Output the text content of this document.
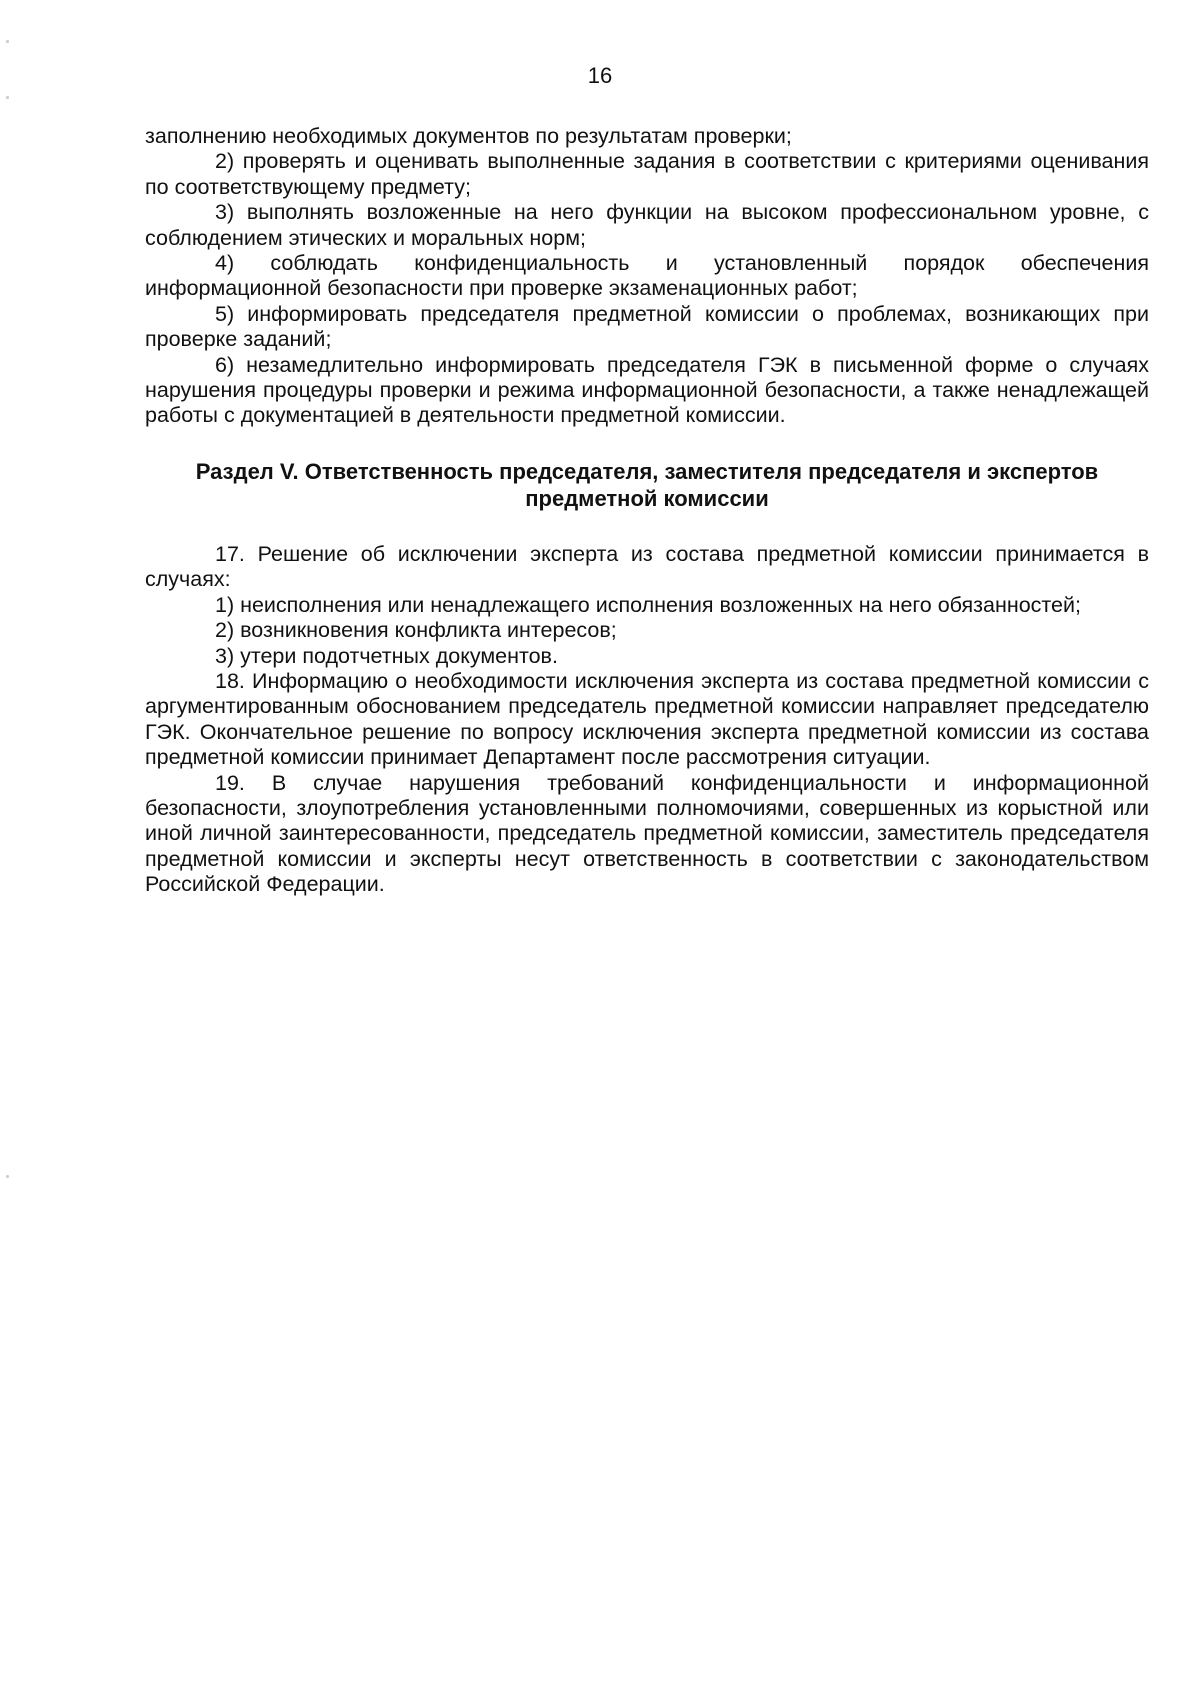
16

заполнению необходимых документов по результатам проверки;

2) проверять и оценивать выполненные задания в соответствии с критериями оценивания по соответствующему предмету;

3) выполнять возложенные на него функции на высоком профессиональном уровне, с соблюдением этических и моральных норм;

4) соблюдать конфиденциальность и установленный порядок обеспечения информационной безопасности при проверке экзаменационных работ;

5) информировать председателя предметной комиссии о проблемах, возникающих при проверке заданий;

6) незамедлительно информировать председателя ГЭК в письменной форме о случаях нарушения процедуры проверки и режима информационной безопасности, а также ненадлежащей работы с документацией в деятельности предметной комиссии.

Раздел V. Ответственность председателя, заместителя председателя и экспертов
предметной комиссии

17. Решение об исключении эксперта из состава предметной комиссии принимается в случаях:

1) неисполнения или ненадлежащего исполнения возложенных на него обязанностей;

2) возникновения конфликта интересов;

3) утери подотчетных документов.

18. Информацию о необходимости исключения эксперта из состава предметной комиссии с аргументированным обоснованием председатель предметной комиссии направляет председателю ГЭК. Окончательное решение по вопросу исключения эксперта предметной комиссии из состава предметной комиссии принимает Департамент после рассмотрения ситуации.

19. В случае нарушения требований конфиденциальности и информационной безопасности, злоупотребления установленными полномочиями, совершенных из корыстной или иной личной заинтересованности, председатель предметной комиссии, заместитель председателя предметной комиссии и эксперты несут ответственность в соответствии с законодательством Российской Федерации.
